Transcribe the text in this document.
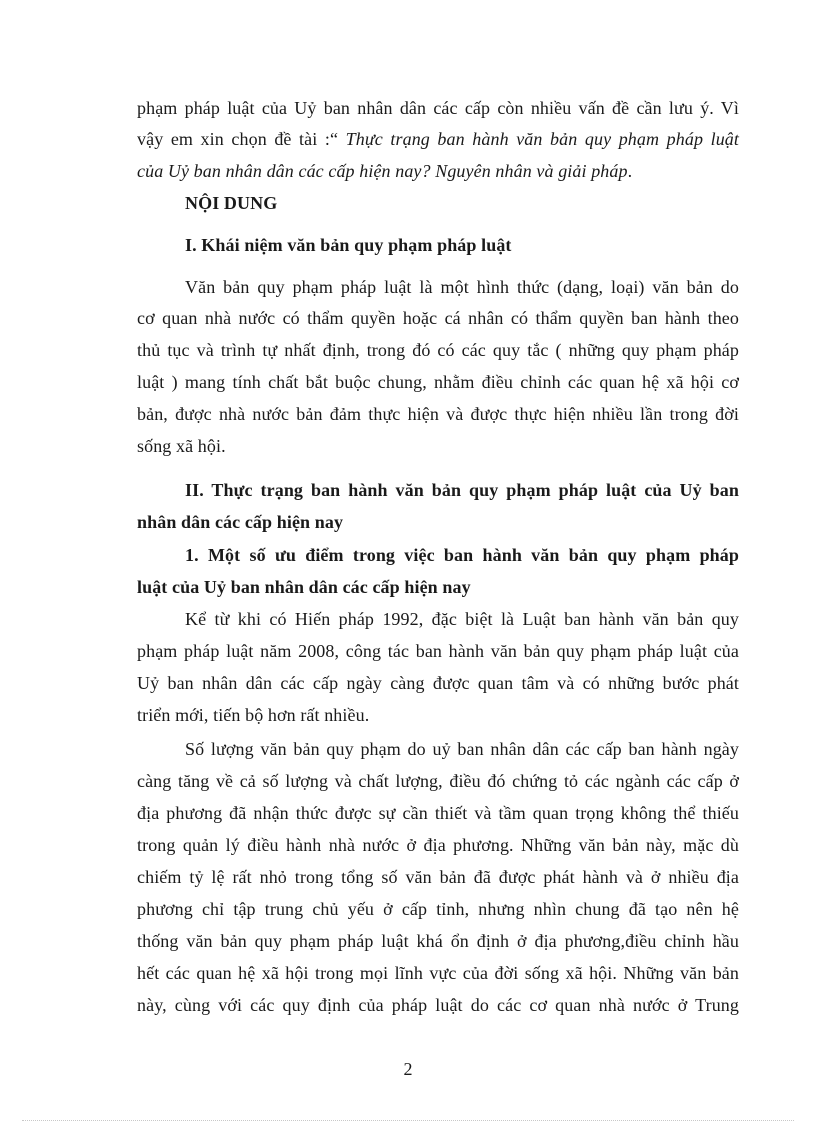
phạm pháp luật của Uỷ ban nhân dân các cấp còn nhiều vấn đề cần lưu ý. Vì

vậy em xin chọn đề tài :“ Thực trạng ban hành văn bản quy phạm pháp luật

của Uỷ ban nhân dân các cấp hiện nay? Nguyên nhân và giải pháp.

NỘI DUNG

I. Khái niệm văn bản quy phạm pháp luật

Văn bản quy phạm pháp luật là một hình thức (dạng, loại) văn bản do

cơ quan nhà nước có thẩm quyền hoặc cá nhân có thẩm quyền ban hành theo

thủ tục và trình tự nhất định, trong đó có các quy tắc ( những quy phạm pháp

luật ) mang tính chất bắt buộc chung, nhằm điều chỉnh các quan hệ xã hội cơ

bản, được nhà nước bản đảm thực hiện và được thực hiện nhiều lần trong đời

sống xã hội.

II. Thực trạng ban hành văn bản quy phạm pháp luật của Uỷ ban

nhân dân các cấp hiện nay

1. Một số ưu điểm trong việc ban hành văn bản quy phạm pháp

luật của Uỷ ban nhân dân các cấp hiện nay

Kể từ khi có Hiến pháp 1992, đặc biệt là Luật ban hành văn bản quy

phạm pháp luật năm 2008, công tác ban hành văn bản quy phạm pháp luật của

Uỷ ban nhân dân các cấp ngày càng được quan tâm và có những bước phát

triển mới, tiến bộ hơn rất nhiều.

Số lượng văn bản quy phạm do uỷ ban nhân dân các cấp ban hành ngày

càng tăng về cả số lượng và chất lượng, điều đó chứng tỏ các ngành các cấp ở

địa phương đã nhận thức được sự cần thiết và tầm quan trọng không thể thiếu

trong quản lý điều hành nhà nước ở địa phương. Những văn bản này, mặc dù

chiếm tỷ lệ rất nhỏ trong tổng số văn bản đã được phát hành và ở nhiều địa

phương chỉ tập trung chủ yếu ở cấp tỉnh, nhưng nhìn chung đã tạo nên hệ

thống văn bản quy phạm pháp luật khá ổn định ở địa phương,điều chỉnh hầu

hết các quan hệ xã hội trong mọi lĩnh vực của đời sống xã hội. Những văn bản

này, cùng với các quy định của pháp luật do các cơ quan nhà nước ở Trung

2
